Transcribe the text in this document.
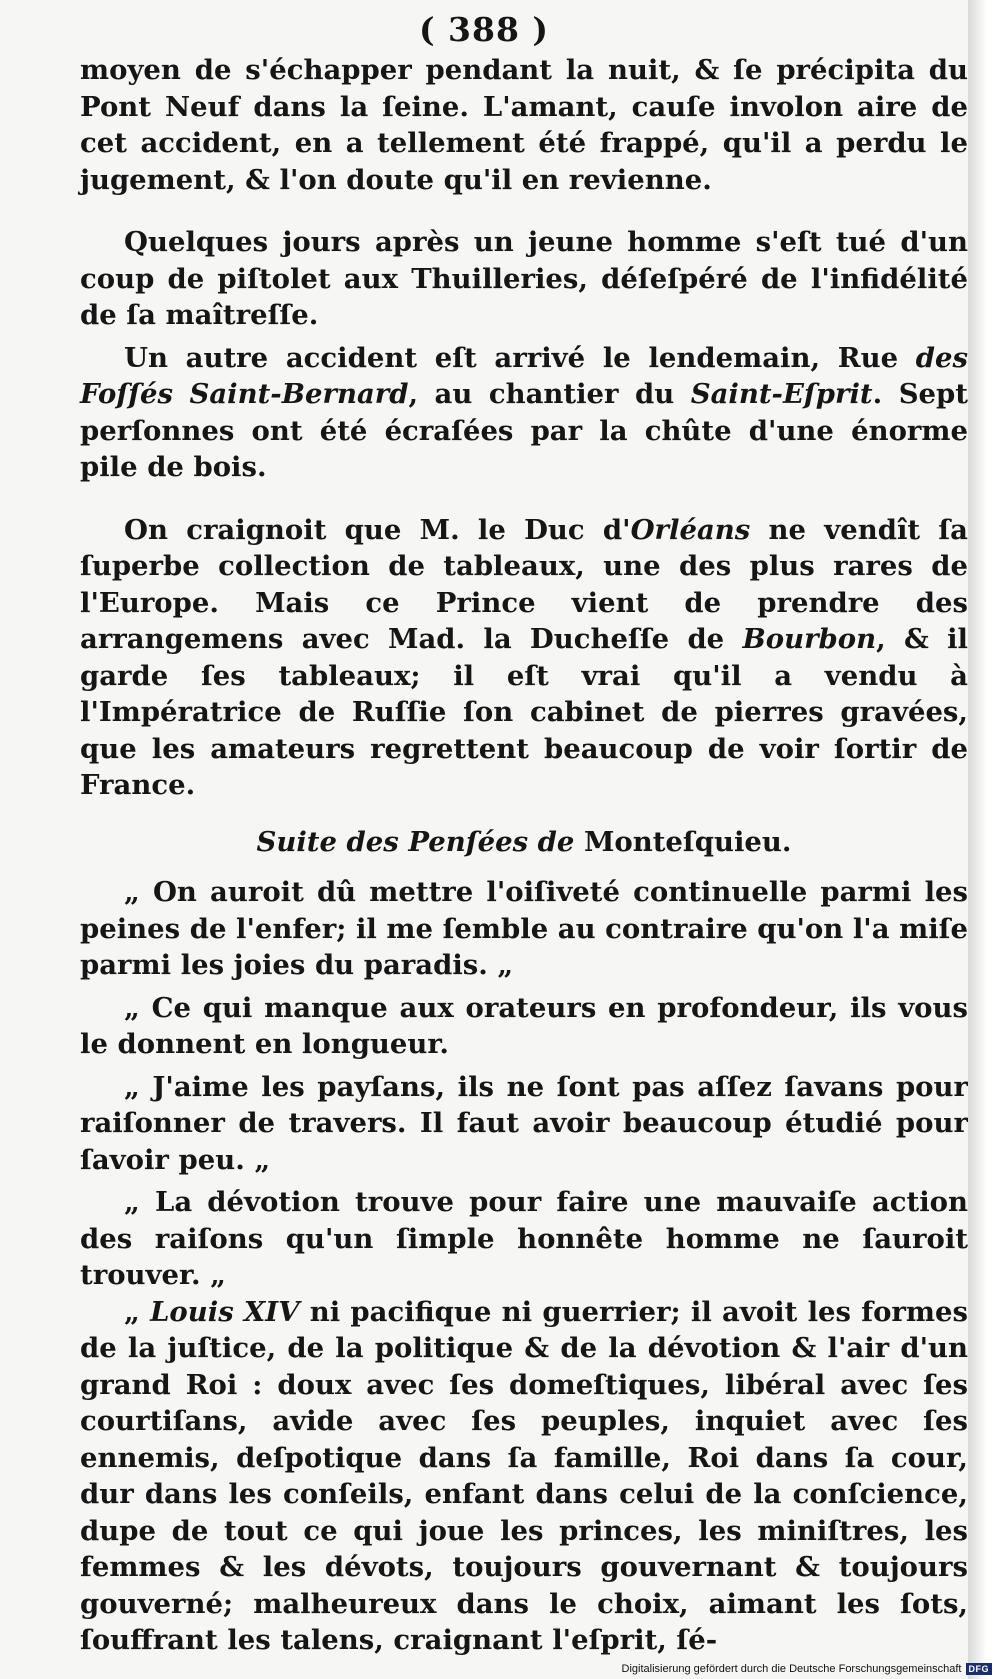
( 388 )

moyen de s'échapper pendant la nuit, & ſe précipita du Pont Neuf dans la ſeine. L'amant, cauſe involon aire de cet accident, en a tellement été frappé, qu'il a perdu le jugement, & l'on doute qu'il en revienne.

Quelques jours après un jeune homme s'eſt tué d'un coup de piſtolet aux Thuilleries, déſeſpéré de l'infidélité de ſa maîtreſſe.

Un autre accident eſt arrivé le lendemain, Rue des Foſſés Saint-Bernard, au chantier du Saint-Eſprit. Sept perſonnes ont été écraſées par la chûte d'une énorme pile de bois.

On craignoit que M. le Duc d'Orléans ne vendît ſa ſuperbe collection de tableaux, une des plus rares de l'Europe. Mais ce Prince vient de prendre des arrangemens avec Mad. la Ducheſſe de Bourbon, & il garde ſes tableaux; il eſt vrai qu'il a vendu à l'Impératrice de Ruſſie ſon cabinet de pierres gravées, que les amateurs regrettent beaucoup de voir ſortir de France.

Suite des Penſées de Monteſquieu.

„ On auroit dû mettre l'oiſiveté continuelle parmi les peines de l'enfer; il me ſemble au contraire qu'on l'a miſe parmi les joies du paradis. „

„ Ce qui manque aux orateurs en profondeur, ils vous le donnent en longueur.

„ J'aime les payſans, ils ne ſont pas aſſez ſavans pour raiſonner de travers. Il faut avoir beaucoup étudié pour ſavoir peu. „

„ La dévotion trouve pour faire une mauvaiſe action des raiſons qu'un ſimple honnête homme ne ſauroit trouver. „

„ Louis XIV ni pacifique ni guerrier; il avoit les formes de la juſtice, de la politique & de la dévotion & l'air d'un grand Roi : doux avec ſes domeſtiques, libéral avec ſes courtiſans, avide avec ſes peuples, inquiet avec ſes ennemis, deſpotique dans ſa famille, Roi dans ſa cour, dur dans les conſeils, enfant dans celui de la conſcience, dupe de tout ce qui joue les princes, les miniſtres, les femmes & les dévots, toujours gouvernant & toujours gouverné; malheureux dans le choix, aimant les ſots, ſouffrant les talens, craignant l'eſprit, ſé-

Digitalisierung gefördert durch die Deutsche Forschungsgemeinschaft DFG
